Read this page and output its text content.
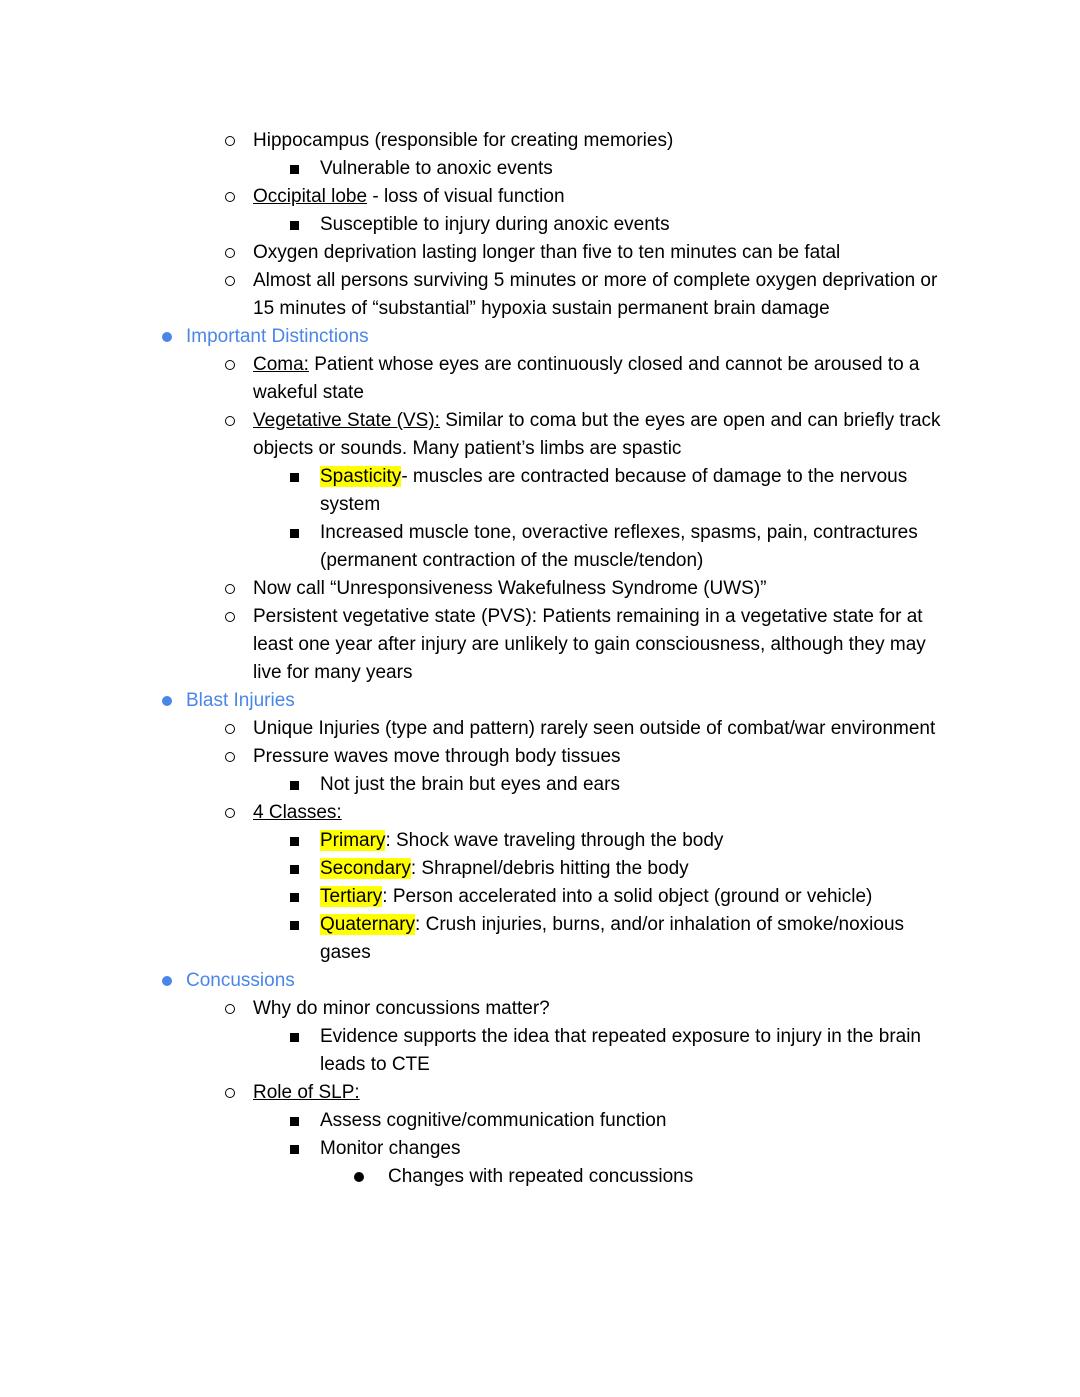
Hippocampus (responsible for creating memories)

Vulnerable to anoxic events

Occipital lobe - loss of visual function

Susceptible to injury during anoxic events

Oxygen deprivation lasting longer than five to ten minutes can be fatal

Almost all persons surviving 5 minutes or more of complete oxygen deprivation or 15 minutes of “substantial” hypoxia sustain permanent brain damage

Important Distinctions

Coma: Patient whose eyes are continuously closed and cannot be aroused to a wakeful state

Vegetative State (VS): Similar to coma but the eyes are open and can briefly track objects or sounds. Many patient’s limbs are spastic

Spasticity- muscles are contracted because of damage to the nervous system

Increased muscle tone, overactive reflexes, spasms, pain, contractures (permanent contraction of the muscle/tendon)

Now call “Unresponsiveness Wakefulness Syndrome (UWS)”

Persistent vegetative state (PVS): Patients remaining in a vegetative state for at least one year after injury are unlikely to gain consciousness, although they may live for many years

Blast Injuries

Unique Injuries (type and pattern) rarely seen outside of combat/war environment

Pressure waves move through body tissues

Not just the brain but eyes and ears

4 Classes:

Primary: Shock wave traveling through the body

Secondary: Shrapnel/debris hitting the body

Tertiary: Person accelerated into a solid object (ground or vehicle)

Quaternary: Crush injuries, burns, and/or inhalation of smoke/noxious gases

Concussions

Why do minor concussions matter?

Evidence supports the idea that repeated exposure to injury in the brain leads to CTE

Role of SLP:

Assess cognitive/communication function

Monitor changes

Changes with repeated concussions
